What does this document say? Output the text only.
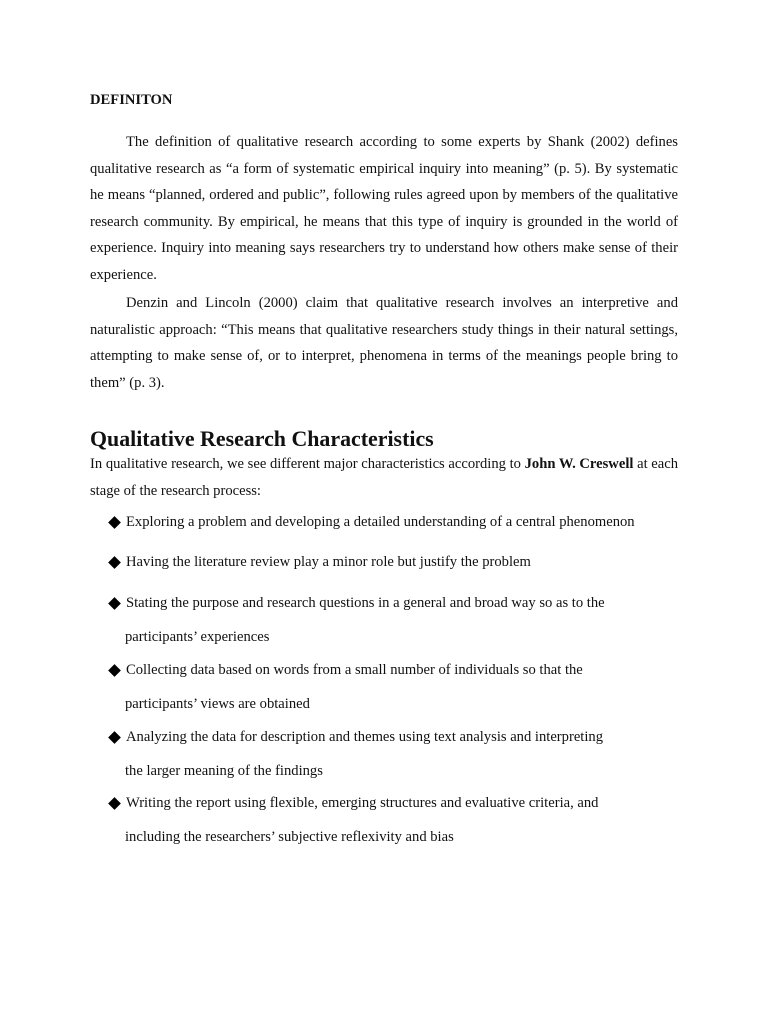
DEFINITON

The definition of qualitative research according to some experts by Shank (2002) defines qualitative research as “a form of systematic empirical inquiry into meaning” (p. 5). By systematic he means “planned, ordered and public”, following rules agreed upon by members of the qualitative research community. By empirical, he means that this type of inquiry is grounded in the world of experience. Inquiry into meaning says researchers try to understand how others make sense of their experience.

Denzin and Lincoln (2000) claim that qualitative research involves an interpretive and naturalistic approach: “This means that qualitative researchers study things in their natural settings, attempting to make sense of, or to interpret, phenomena in terms of the meanings people bring to them” (p. 3).

Qualitative Research Characteristics

In qualitative research, we see different major characteristics according to John W. Creswell at each stage of the research process:

Exploring a problem and developing a detailed understanding of a central phenomenon
Having the literature review play a minor role but justify the problem
Stating the purpose and research questions in a general and broad way so as to the
participants’ experiences
Collecting data based on words from a small number of individuals so that the
participants’ views are obtained
Analyzing the data for description and themes using text analysis and interpreting
the larger meaning of the findings
Writing the report using flexible, emerging structures and evaluative criteria, and
including the researchers’ subjective reflexivity and bias
